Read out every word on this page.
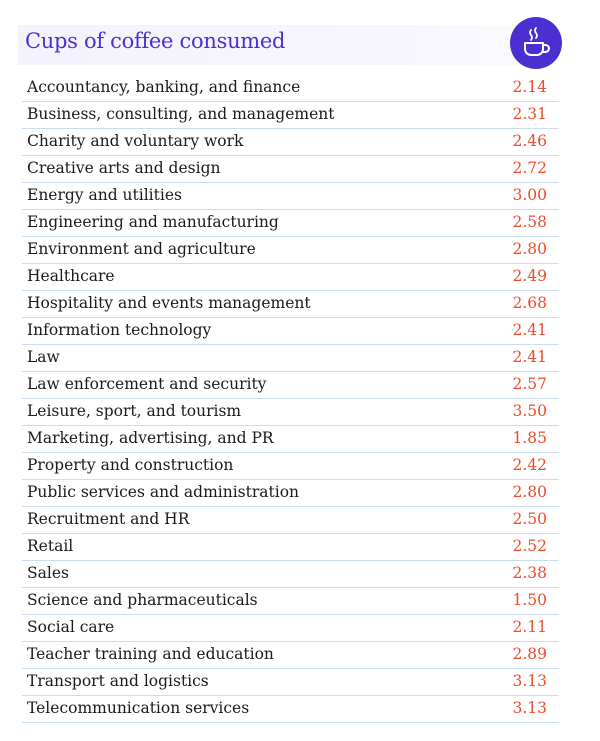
Cups of coffee consumed
Accountancy, banking, and finance	2.14
Business, consulting, and management	2.31
Charity and voluntary work	2.46
Creative arts and design	2.72
Energy and utilities	3.00
Engineering and manufacturing	2.58
Environment and agriculture	2.80
Healthcare	2.49
Hospitality and events management	2.68
Information technology	2.41
Law	2.41
Law enforcement and security	2.57
Leisure, sport, and tourism	3.50
Marketing, advertising, and PR	1.85
Property and construction	2.42
Public services and administration	2.80
Recruitment and HR	2.50
Retail	2.52
Sales	2.38
Science and pharmaceuticals	1.50
Social care	2.11
Teacher training and education	2.89
Transport and logistics	3.13
Telecommunication services	3.13
